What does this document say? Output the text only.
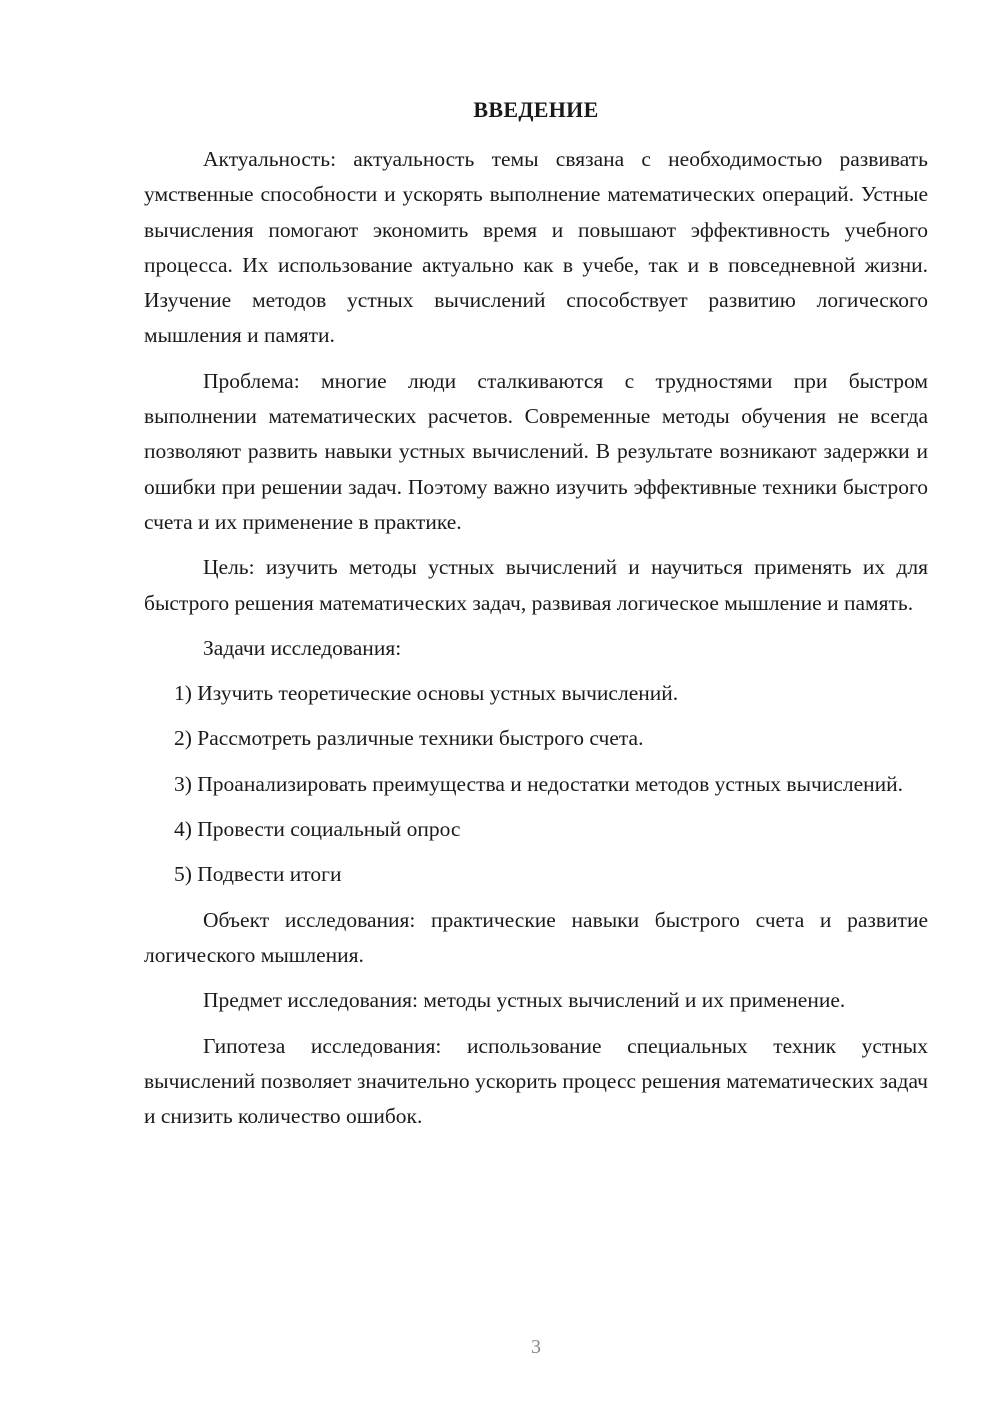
ВВЕДЕНИЕ

Актуальность: актуальность темы связана с необходимостью развивать умственные способности и ускорять выполнение математических операций. Устные вычисления помогают экономить время и повышают эффективность учебного процесса. Их использование актуально как в учебе, так и в повседневной жизни. Изучение методов устных вычислений способствует развитию логического мышления и памяти.

Проблема: многие люди сталкиваются с трудностями при быстром выполнении математических расчетов. Современные методы обучения не всегда позволяют развить навыки устных вычислений. В результате возникают задержки и ошибки при решении задач. Поэтому важно изучить эффективные техники быстрого счета и их применение в практике.

Цель: изучить методы устных вычислений и научиться применять их для быстрого решения математических задач, развивая логическое мышление и память.

Задачи исследования:

1) Изучить теоретические основы устных вычислений.

2) Рассмотреть различные техники быстрого счета.

3) Проанализировать преимущества и недостатки методов устных вычислений.

4) Провести социальный опрос

5) Подвести итоги

Объект исследования: практические навыки быстрого счета и развитие логического мышления.

Предмет исследования: методы устных вычислений и их применение.

Гипотеза исследования: использование специальных техник устных вычислений позволяет значительно ускорить процесс решения математических задач и снизить количество ошибок.

3
